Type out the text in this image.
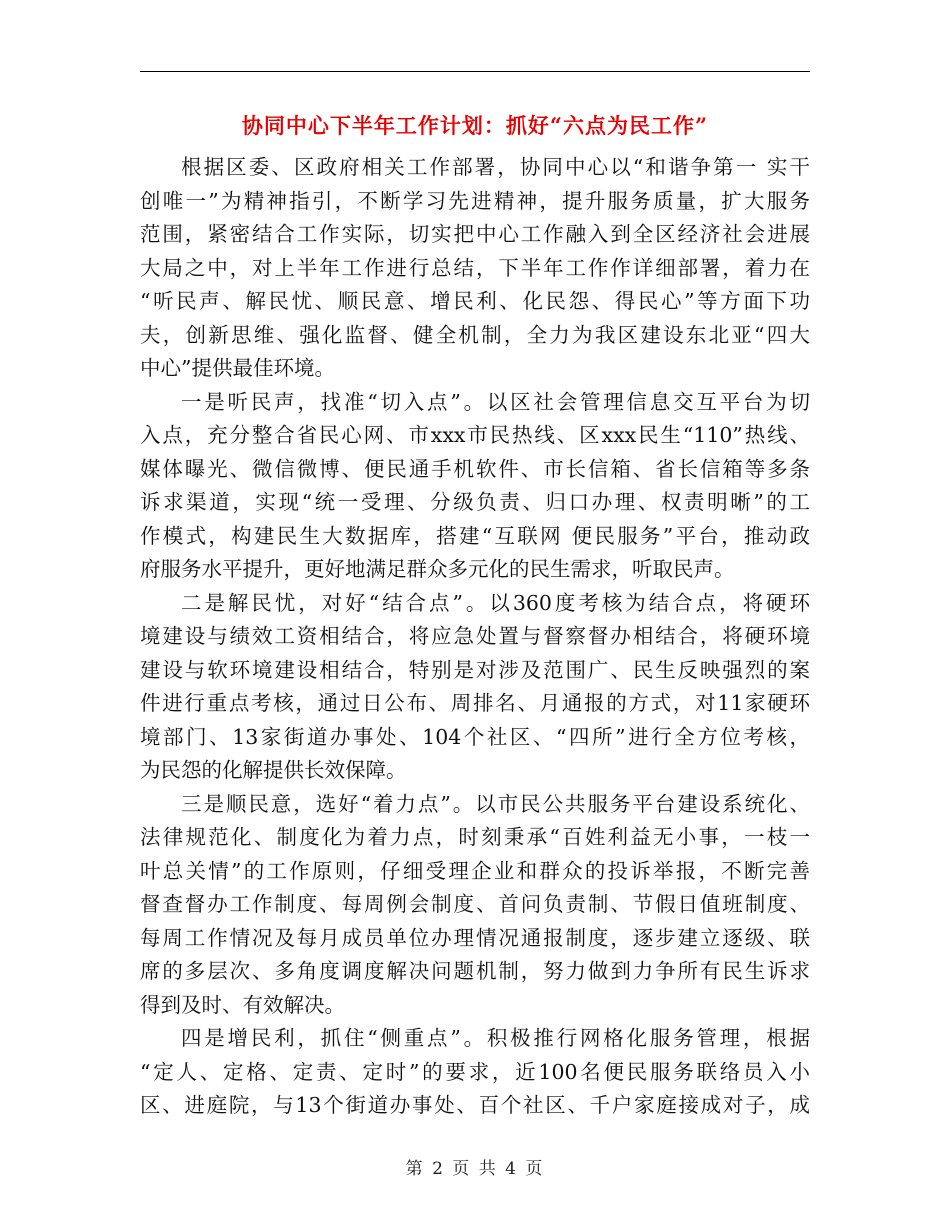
协同中心下半年工作计划：抓好“六点为民工作”
根据区委、区政府相关工作部署，协同中心以“和谐争第一 实干
创唯一”为精神指引，不断学习先进精神，提升服务质量，扩大服务
范围，紧密结合工作实际，切实把中心工作融入到全区经济社会进展
大局之中，对上半年工作进行总结，下半年工作作详细部署，着力在
“听民声、解民忧、顺民意、增民利、化民怨、得民心”等方面下功
夫，创新思维、强化监督、健全机制，全力为我区建设东北亚“四大
中心”提供最佳环境。
一是听民声，找准“切入点”。以区社会管理信息交互平台为切
入点，充分整合省民心网、市xxx市民热线、区xxx民生“110”热线、
媒体曝光、微信微博、便民通手机软件、市长信箱、省长信箱等多条
诉求渠道，实现“统一受理、分级负责、归口办理、权责明晰”的工
作模式，构建民生大数据库，搭建“互联网 便民服务”平台，推动政
府服务水平提升，更好地满足群众多元化的民生需求，听取民声。
二是解民忧，对好“结合点”。以360度考核为结合点，将硬环
境建设与绩效工资相结合，将应急处置与督察督办相结合，将硬环境
建设与软环境建设相结合，特别是对涉及范围广、民生反映强烈的案
件进行重点考核，通过日公布、周排名、月通报的方式，对11家硬环
境部门、13家街道办事处、104个社区、“四所”进行全方位考核，
为民怨的化解提供长效保障。
三是顺民意，选好“着力点”。以市民公共服务平台建设系统化、
法律规范化、制度化为着力点，时刻秉承“百姓利益无小事，一枝一
叶总关情”的工作原则，仔细受理企业和群众的投诉举报，不断完善
督查督办工作制度、每周例会制度、首问负责制、节假日值班制度、
每周工作情况及每月成员单位办理情况通报制度，逐步建立逐级、联
席的多层次、多角度调度解决问题机制，努力做到力争所有民生诉求
得到及时、有效解决。
四是增民利，抓住“侧重点”。积极推行网格化服务管理，根据
“定人、定格、定责、定时”的要求，近100名便民服务联络员入小
区、进庭院，与13个街道办事处、百个社区、千户家庭接成对子，成
第 2 页 共 4 页
